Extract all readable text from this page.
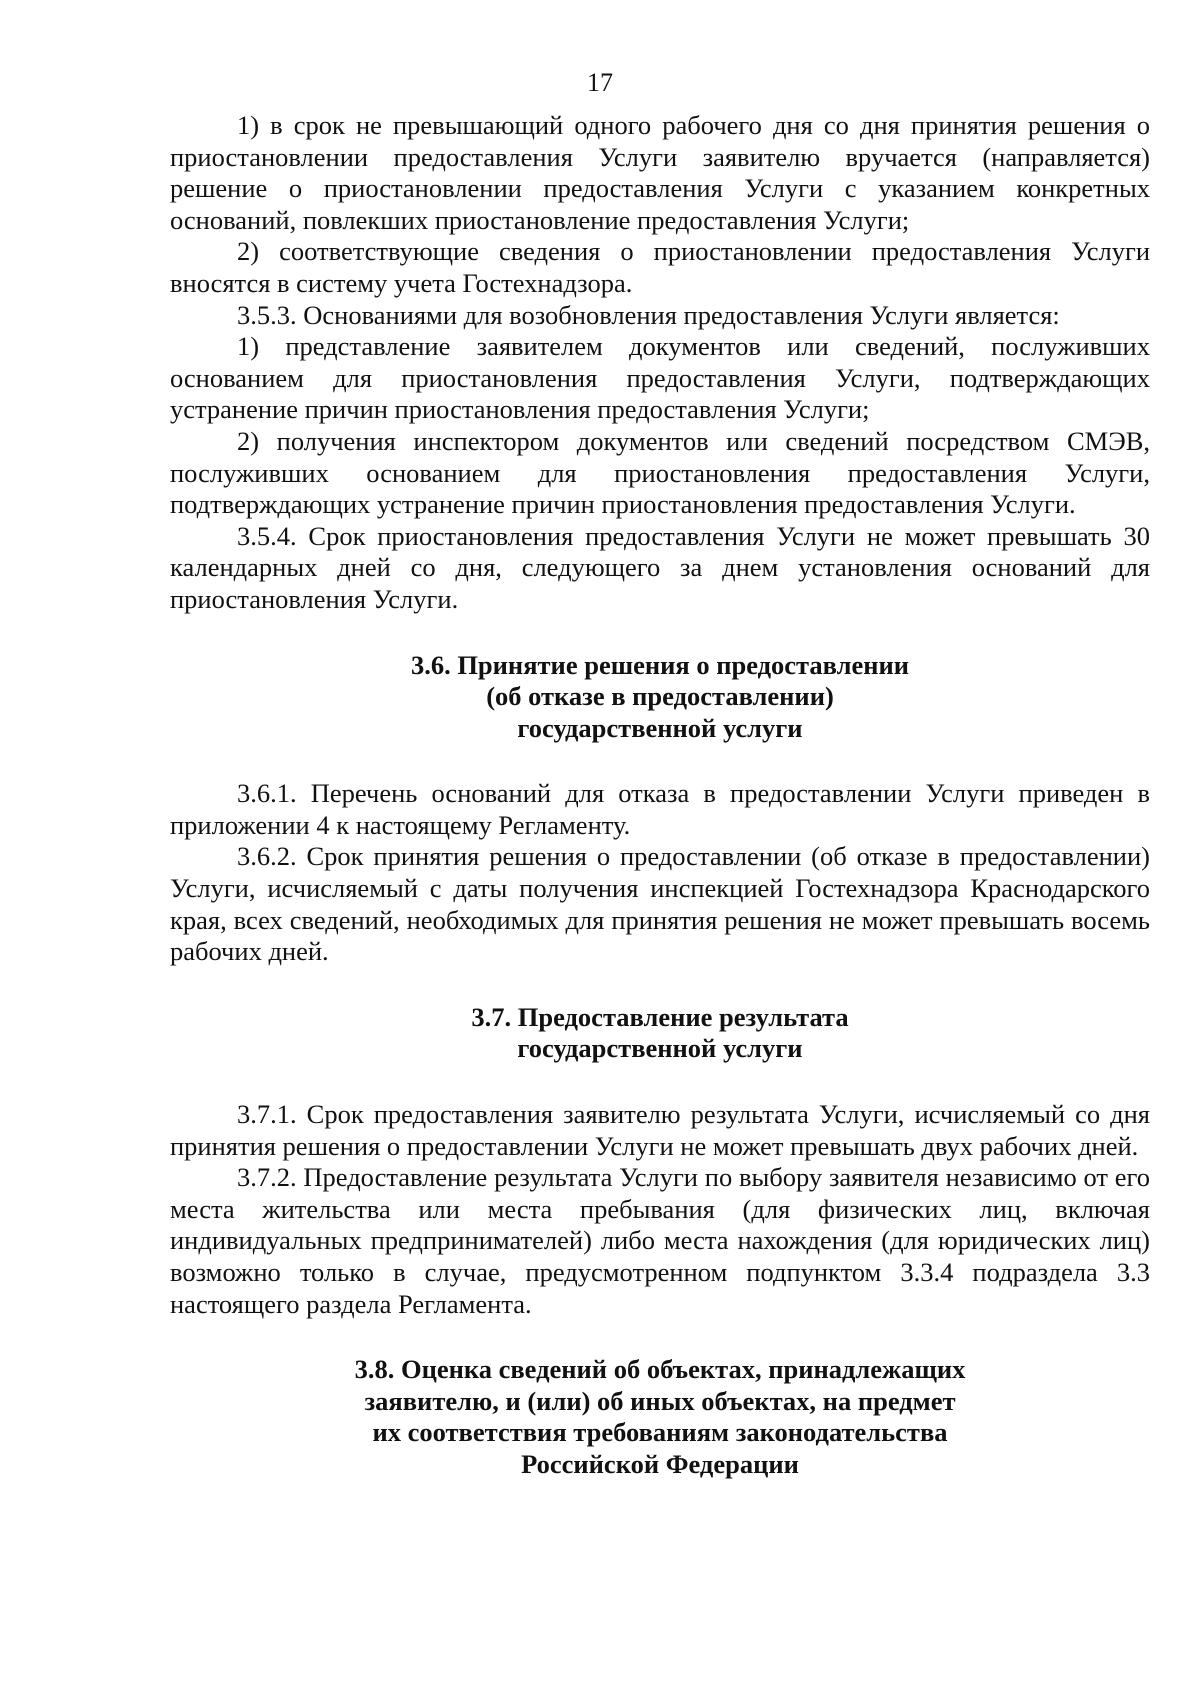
17

1) в срок не превышающий одного рабочего дня со дня принятия решения о приостановлении предоставления Услуги заявителю вручается (направляется) решение о приостановлении предоставления Услуги с указанием конкретных оснований, повлекших приостановление предоставления Услуги;

2) соответствующие сведения о приостановлении предоставления Услуги вносятся в систему учета Гостехнадзора.

3.5.3. Основаниями для возобновления предоставления Услуги является:

1) представление заявителем документов или сведений, послуживших основанием для приостановления предоставления Услуги, подтверждающих устранение причин приостановления предоставления Услуги;

2) получения инспектором документов или сведений посредством СМЭВ, послуживших основанием для приостановления предоставления Услуги, подтверждающих устранение причин приостановления предоставления Услуги.

3.5.4. Срок приостановления предоставления Услуги не может превышать 30 календарных дней со дня, следующего за днем установления оснований для приостановления Услуги.

3.6. Принятие решения о предоставлении
(об отказе в предоставлении)
государственной услуги

3.6.1. Перечень оснований для отказа в предоставлении Услуги приведен в приложении 4 к настоящему Регламенту.

3.6.2. Срок принятия решения о предоставлении (об отказе в предоставлении) Услуги, исчисляемый с даты получения инспекцией Гостехнадзора Краснодарского края, всех сведений, необходимых для принятия решения не может превышать восемь рабочих дней.

3.7. Предоставление результата
государственной услуги

3.7.1. Срок предоставления заявителю результата Услуги, исчисляемый со дня принятия решения о предоставлении Услуги не может превышать двух рабочих дней.

3.7.2. Предоставление результата Услуги по выбору заявителя независимо от его места жительства или места пребывания (для физических лиц, включая индивидуальных предпринимателей) либо места нахождения (для юридических лиц) возможно только в случае, предусмотренном подпунктом 3.3.4 подраздела 3.3 настоящего раздела Регламента.

3.8. Оценка сведений об объектах, принадлежащих
заявителю, и (или) об иных объектах, на предмет
их соответствия требованиям законодательства
Российской Федерации
